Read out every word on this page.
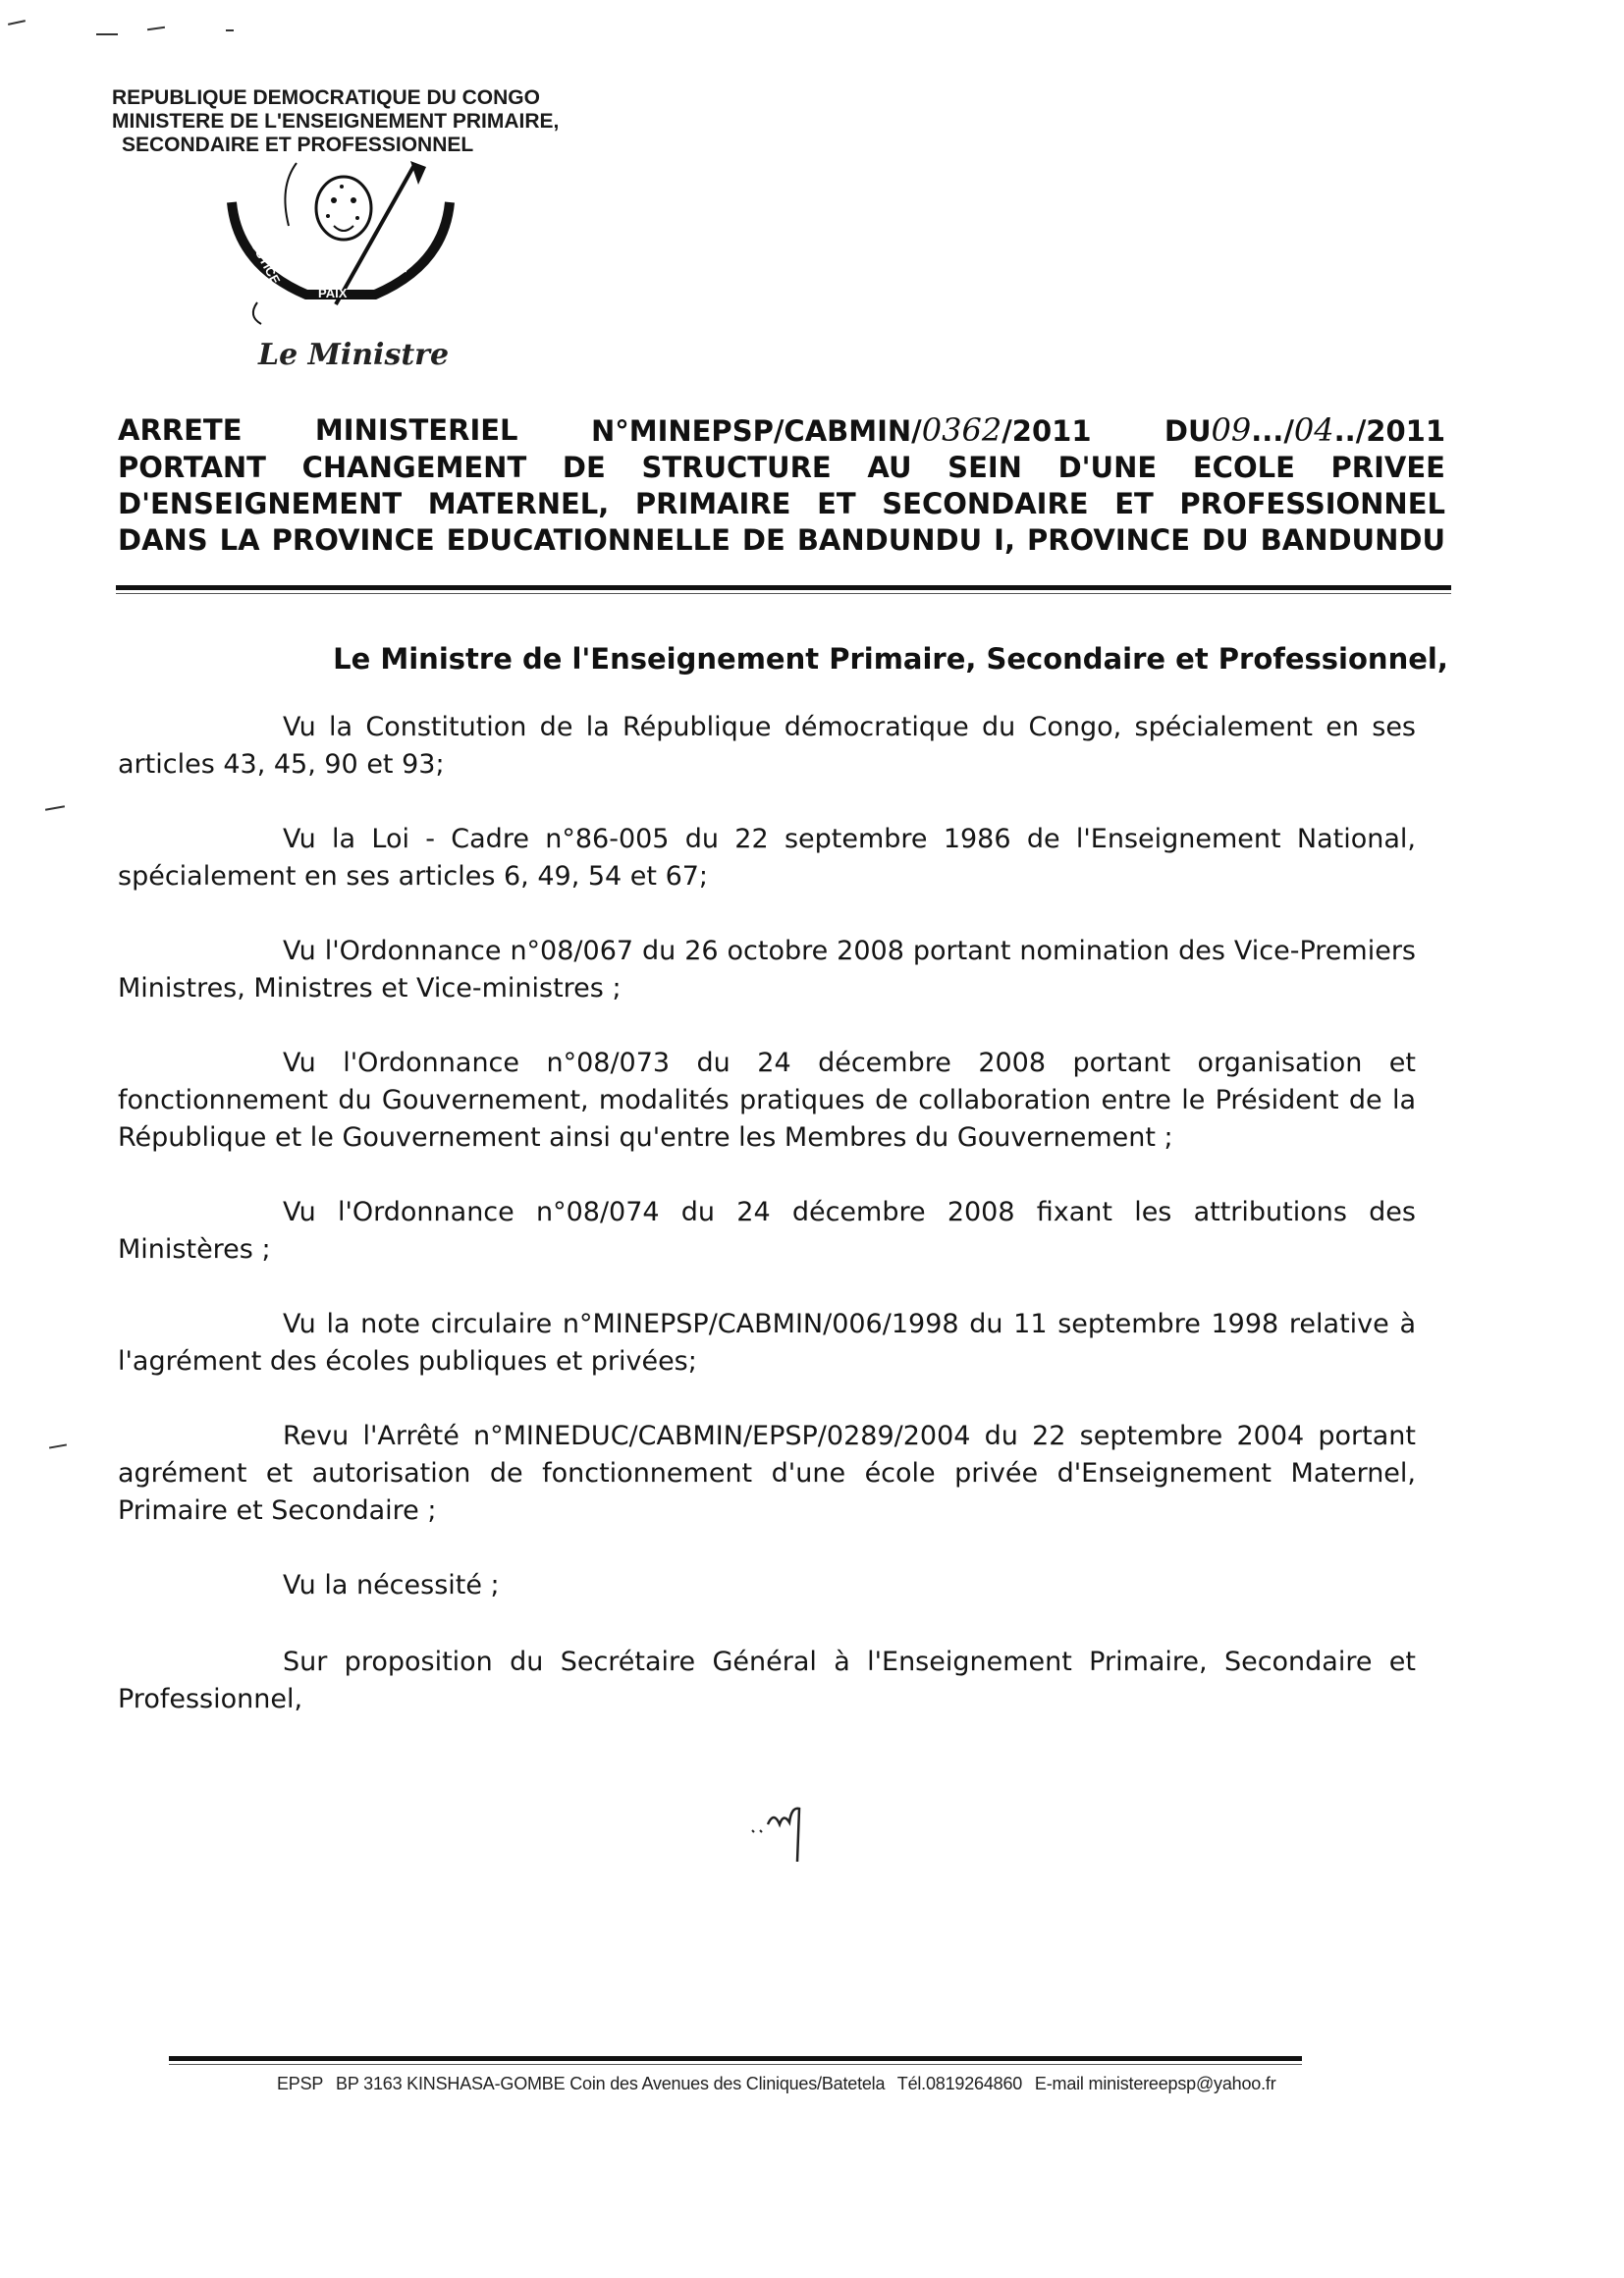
REPUBLIQUE DEMOCRATIQUE DU CONGO
MINISTERE DE L'ENSEIGNEMENT PRIMAIRE,
SECONDAIRE ET PROFESSIONNEL
JUSTICE
PAIX
TRAVAIL
Le Ministre
ARRETE	MINISTERIEL	N°MINEPSP/CABMIN/0362/2011	DU09.../04../2011
PORTANT CHANGEMENT DE STRUCTURE AU SEIN D'UNE ECOLE PRIVEE
D'ENSEIGNEMENT MATERNEL, PRIMAIRE ET SECONDAIRE ET PROFESSIONNEL
DANS LA PROVINCE EDUCATIONNELLE DE BANDUNDU I, PROVINCE DU BANDUNDU
Le Ministre de l'Enseignement Primaire, Secondaire et Professionnel,

Vu la Constitution de la République démocratique du Congo, spécialement en ses articles 43, 45, 90 et 93;

Vu la Loi - Cadre n°86-005 du 22 septembre 1986 de l'Enseignement National, spécialement en ses articles 6, 49, 54 et 67;

Vu l'Ordonnance n°08/067 du 26 octobre 2008 portant nomination des Vice-Premiers Ministres, Ministres et Vice-ministres ;

Vu l'Ordonnance n°08/073 du 24 décembre 2008 portant organisation et fonctionnement du Gouvernement, modalités pratiques de collaboration entre le Président de la République et le Gouvernement ainsi qu'entre les Membres du Gouvernement ;

Vu l'Ordonnance n°08/074 du 24 décembre 2008 fixant les attributions des Ministères ;

Vu la note circulaire n°MINEPSP/CABMIN/006/1998 du 11 septembre 1998 relative à l'agrément des écoles publiques et privées;

Revu l'Arrêté n°MINEDUC/CABMIN/EPSP/0289/2004 du 22 septembre 2004 portant agrément et autorisation de fonctionnement d'une école privée d'Enseignement Maternel, Primaire et Secondaire ;

Vu la nécessité ;

Sur proposition du Secrétaire Général à l'Enseignement Primaire, Secondaire et Professionnel,

EPSP BP 3163 KINSHASA-GOMBE Coin des Avenues des Cliniques/Batetela Tél.0819264860 E-mail ministereepsp@yahoo.fr
